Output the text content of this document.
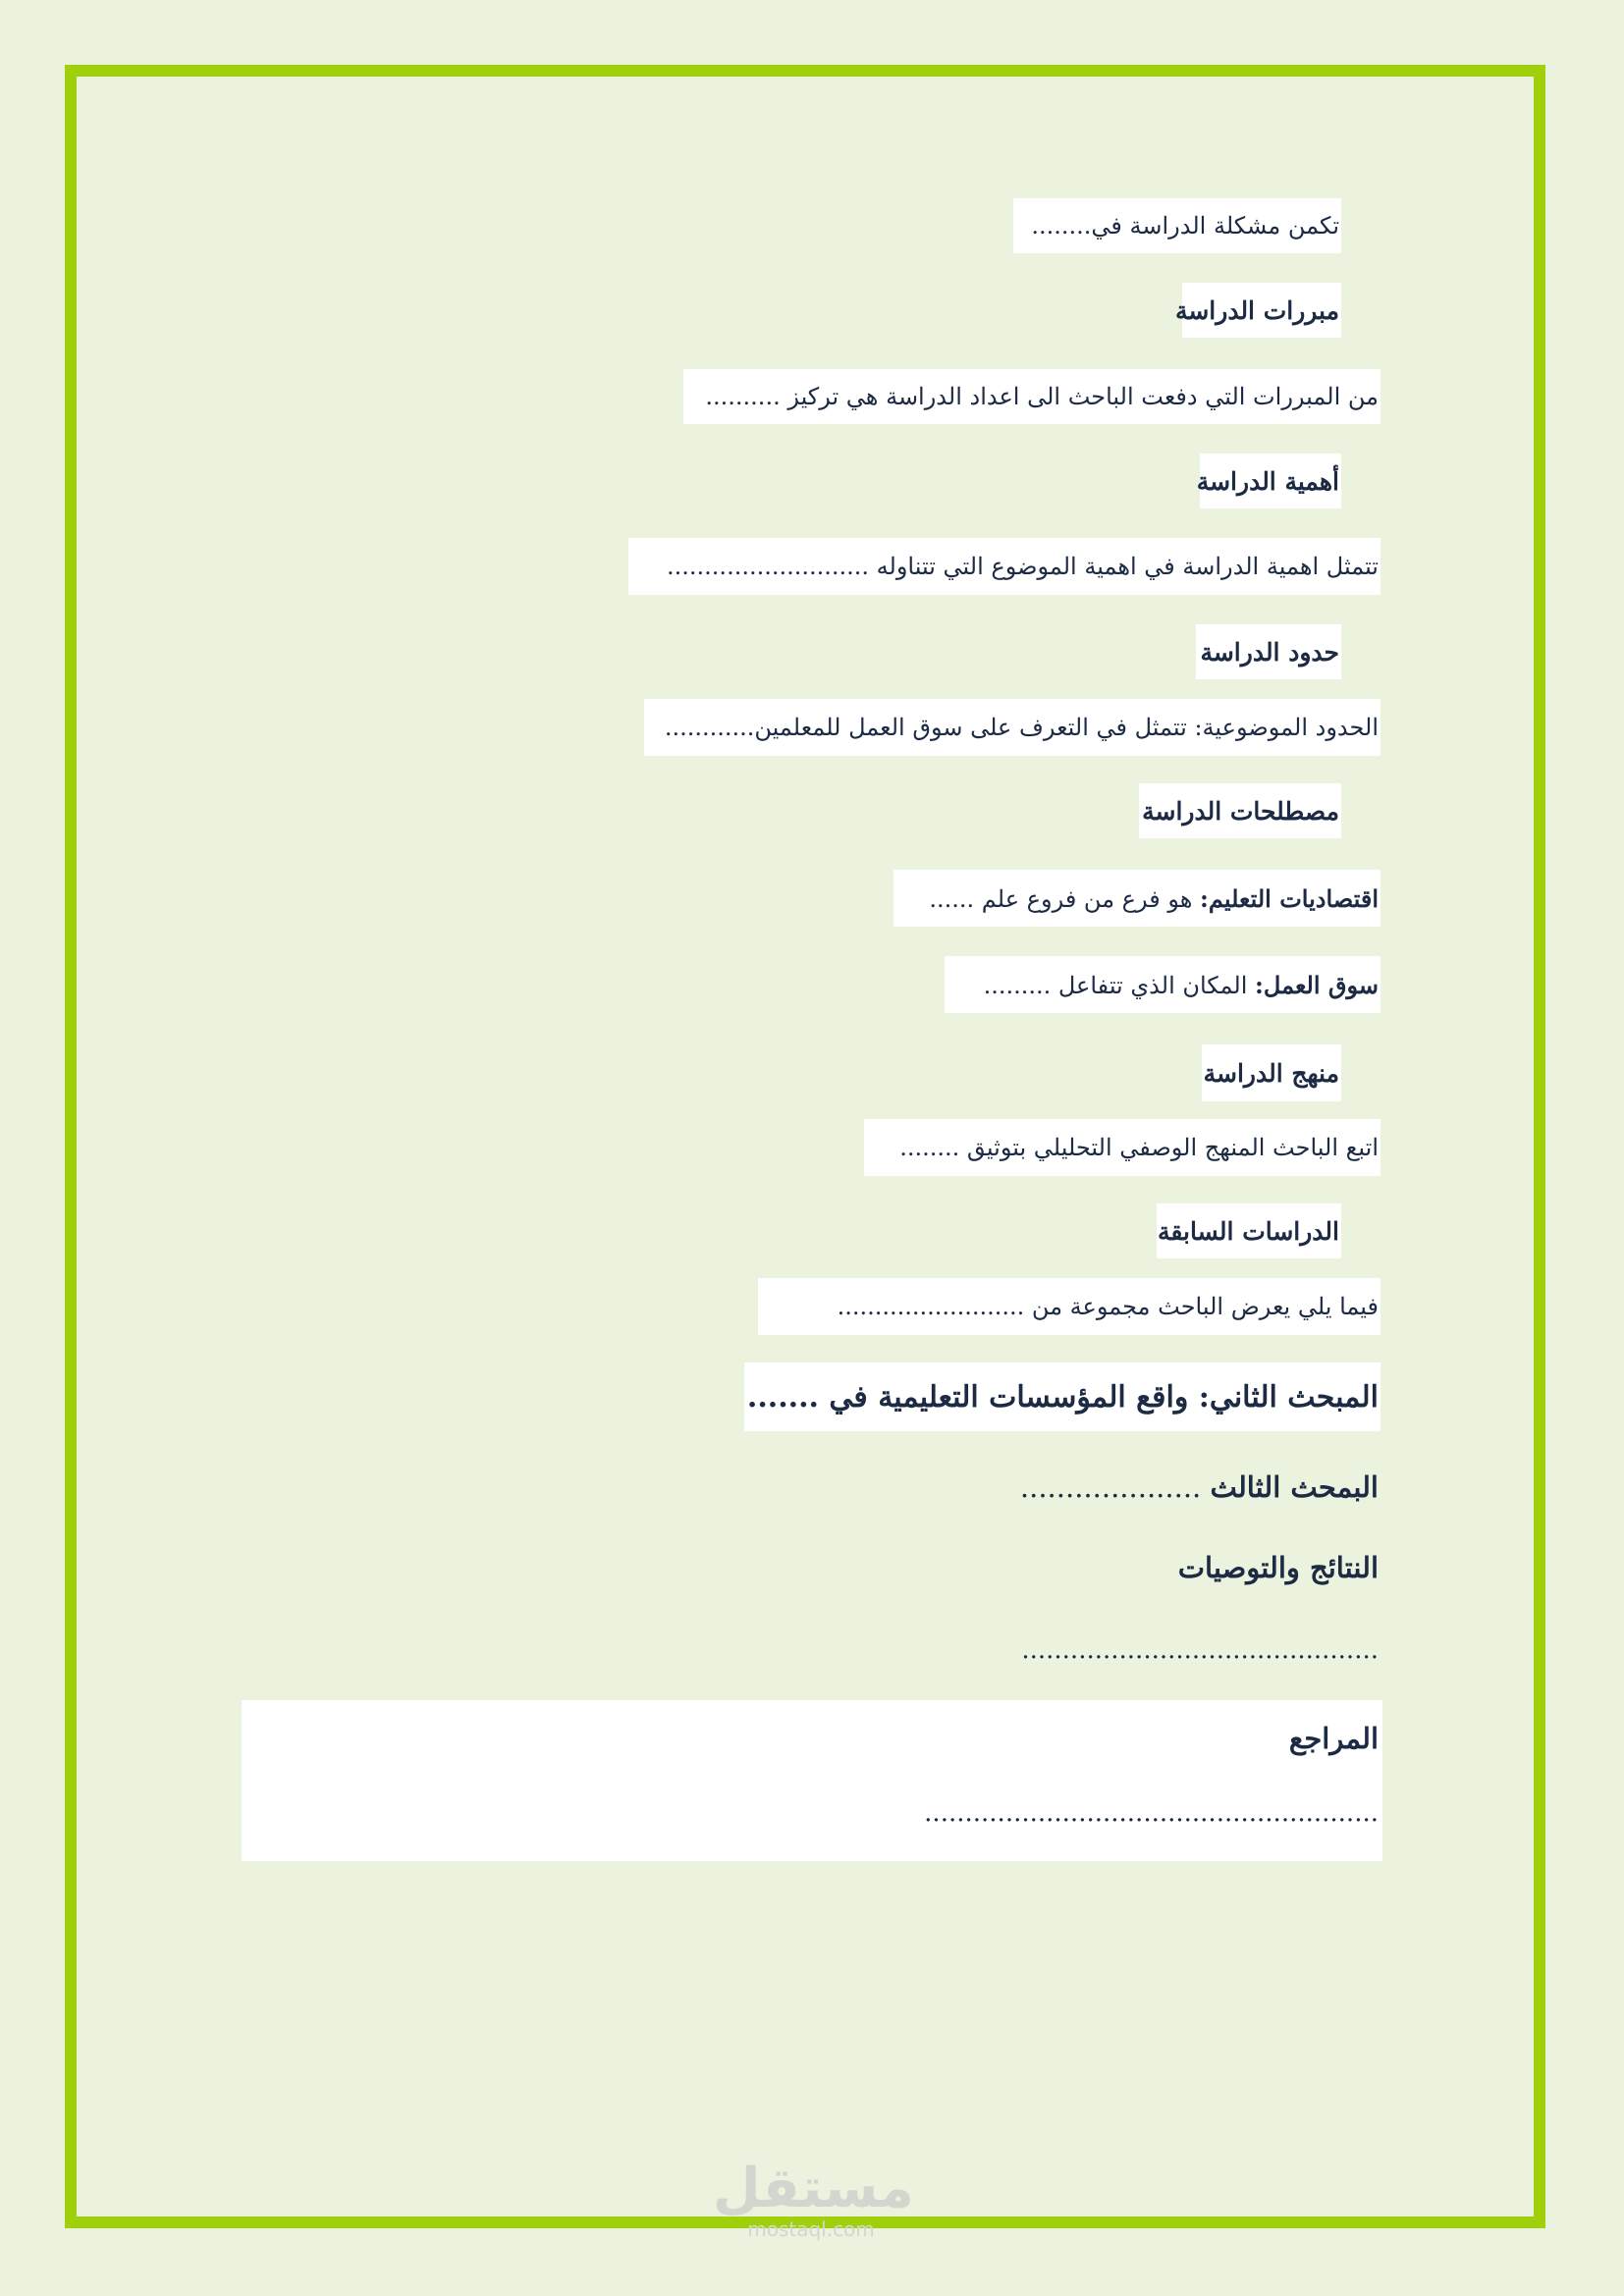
تكمن مشكلة الدراسة في........
مبررات الدراسة
من المبررات التي دفعت الباحث الى اعداد الدراسة هي تركيز ..........
أهمية الدراسة
تتمثل اهمية الدراسة في اهمية الموضوع التي تتناوله ...........................
حدود الدراسة
الحدود الموضوعية: تتمثل في التعرف على سوق العمل للمعلمين............
مصطلحات الدراسة
اقتصاديات التعليم: هو فرع من فروع علم ......
سوق العمل: المكان الذي تتفاعل .........
منهج الدراسة
اتبع الباحث المنهج الوصفي التحليلي بتوثيق ........
الدراسات السابقة
فيما يلي يعرض الباحث مجموعة من .........................
المبحث الثاني: واقع المؤسسات التعليمية في .......
البمحث الثالث ....................
النتائج والتوصيات
............................................
المراجع
........................................................
مستقل
mostaql.com
